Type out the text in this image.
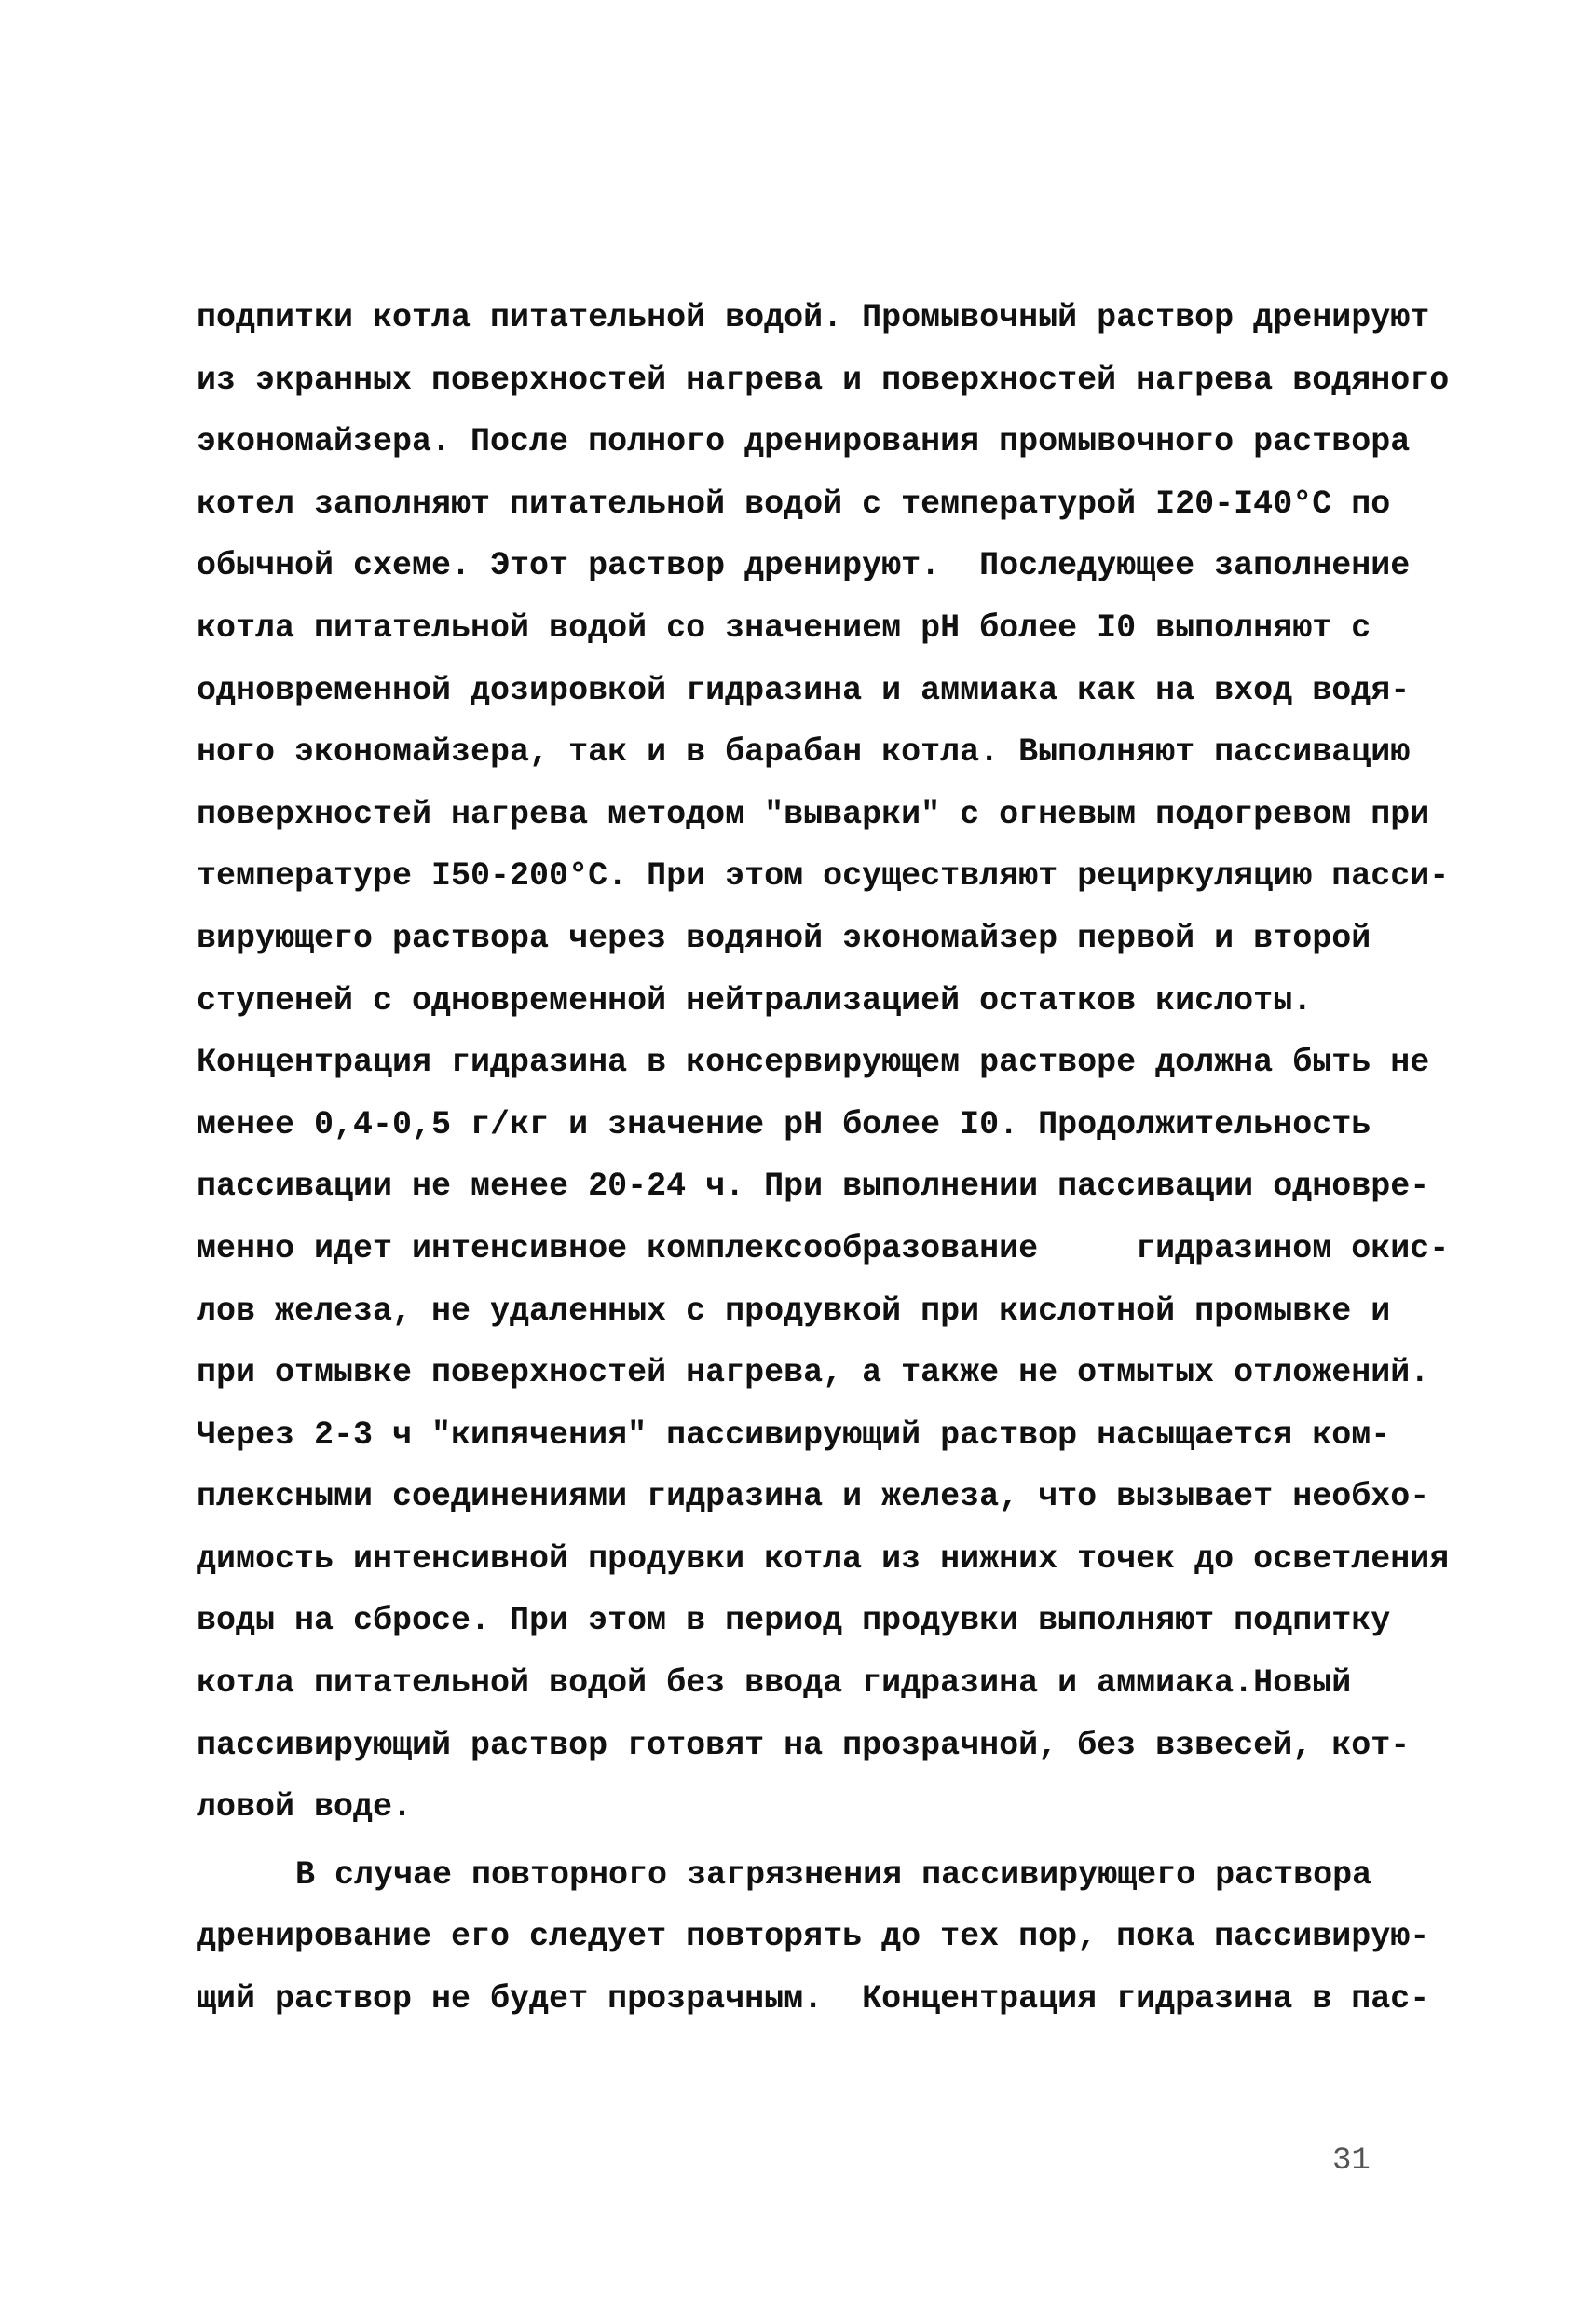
подпитки котла питательной водой. Промывочный раствор дренируют
из экранных поверхностей нагрева и поверхностей нагрева водяного
экономайзера. После полного дренирования промывочного раствора
котел заполняют питательной водой с температурой I20-I40°С по
обычной схеме. Этот раствор дренируют.  Последующее заполнение
котла питательной водой со значением pH более I0 выполняют с
одновременной дозировкой гидразина и аммиака как на вход водя-
ного экономайзера, так и в барабан котла. Выполняют пассивацию
поверхностей нагрева методом "выварки" с огневым подогревом при
температуре I50-200°С. При этом осуществляют рециркуляцию пасси-
вирующего раствора через водяной экономайзер первой и второй
ступеней с одновременной нейтрализацией остатков кислоты.
Концентрация гидразина в консервирующем растворе должна быть не
менее 0,4-0,5 г/кг и значение pH более I0. Продолжительность
пассивации не менее 20-24 ч. При выполнении пассивации одновре-
менно идет интенсивное комплексообразование     гидразином окис-
лов железа, не удаленных с продувкой при кислотной промывке и
при отмывке поверхностей нагрева, а также не отмытых отложений.
Через 2-3 ч "кипячения" пассивирующий раствор насыщается ком-
плексными соединениями гидразина и железа, что вызывает необхо-
димость интенсивной продувки котла из нижних точек до осветления
воды на сбросе. При этом в период продувки выполняют подпитку
котла питательной водой без ввода гидразина и аммиака.Новый
пассивирующий раствор готовят на прозрачной, без взвесей, кот-
ловой воде.
В случае повторного загрязнения пассивирующего раствора
дренирование его следует повторять до тех пор, пока пассивирую-
щий раствор не будет прозрачным.  Концентрация гидразина в пас-
31
